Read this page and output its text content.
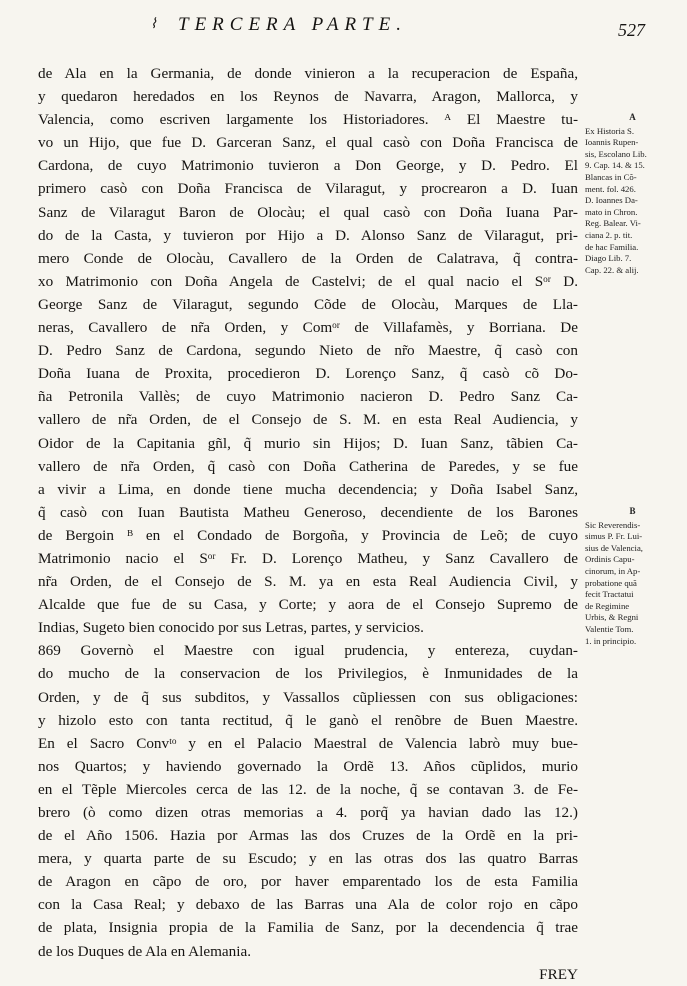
⌇ TERCERA PARTE.	527
de Ala en la Germania, de donde vinieron a la recuperacion de España,
y quedaron heredados en los Reynos de Navarra, Aragon, Mallorca, y
Valencia, como escriven largamente los Historiadores. ᴬ El Maestre tu-
vo un Hijo, que fue D. Garceran Sanz, el qual casò con Doña Francisca de
Cardona, de cuyo Matrimonio tuvieron a Don George, y D. Pedro. El
primero casò con Doña Francisca de Vilaragut, y procrearon a D. Iuan
Sanz de Vilaragut Baron de Olocàu; el qual casò con Doña Iuana Par-
do de la Casta, y tuvieron por Hijo a D. Alonso Sanz de Vilaragut, pri-
mero Conde de Olocàu, Cavallero de la Orden de Calatrava, q̃ contra-
xo Matrimonio con Doña Angela de Castelvi; de el qual nacio el Sᵒʳ D.
George Sanz de Vilaragut, segundo Cõde de Olocàu, Marques de Lla-
neras, Cavallero de nr̃a Orden, y Comᵒʳ de Villafamès, y Borriana. De
D. Pedro Sanz de Cardona, segundo Nieto de nr̃o Maestre, q̃ casò con
Doña Iuana de Proxita, procedieron D. Lorenço Sanz, q̃ casò cõ Do-
ña Petronila Vallès; de cuyo Matrimonio nacieron D. Pedro Sanz Ca-
vallero de nr̃a Orden, de el Consejo de S. M. en esta Real Audiencia, y
Oidor de la Capitania gñl, q̃ murio sin Hijos; D. Iuan Sanz, tãbien Ca-
vallero de nr̃a Orden, q̃ casò con Doña Catherina de Paredes, y se fue
a vivir a Lima, en donde tiene mucha decendencia; y Doña Isabel Sanz,
q̃ casò con Iuan Bautista Matheu Generoso, decendiente de los Barones
de Bergoin ᴮ en el Condado de Borgoña, y Provincia de Leõ; de cuyo
Matrimonio nacio el Sᵒʳ Fr. D. Lorenço Matheu, y Sanz Cavallero de
nr̃a Orden, de el Consejo de S. M. ya en esta Real Audiencia Civil, y
Alcalde que fue de su Casa, y Corte; y aora de el Consejo Supremo de
Indias, Sugeto bien conocido por sus Letras, partes, y servicios.
869 Governò el Maestre con igual prudencia, y entereza, cuydan-
do mucho de la conservacion de los Privilegios, è Inmunidades de la
Orden, y de q̃ sus subditos, y Vassallos cũpliessen con sus obligaciones:
y hizolo esto con tanta rectitud, q̃ le ganò el renõbre de Buen Maestre.
En el Sacro Convᵗᵒ y en el Palacio Maestral de Valencia labrò muy bue-
nos Quartos; y haviendo governado la Ordẽ 13. Años cũplidos, murio
en el Tẽple Miercoles cerca de las 12. de la noche, q̃ se contavan 3. de Fe-
brero (ò como dizen otras memorias a 4. porq̃ ya havian dado las 12.)
de el Año 1506. Hazia por Armas las dos Cruzes de la Ordẽ en la pri-
mera, y quarta parte de su Escudo; y en las otras dos las quatro Barras
de Aragon en cãpo de oro, por haver emparentado los de esta Familia
con la Casa Real; y debaxo de las Barras una Ala de color rojo en cãpo
de plata, Insignia propia de la Familia de Sanz, por la decendencia q̃ trae
de los Duques de Ala en Alemania.
FREY
A
Ex Historia S.
Ioannis Rupen-
sis, Escolano Lib.
9. Cap. 14. & 15.
Blancas in Cõ-
ment. fol. 426.
D. Ioannes Da-
mato in Chron.
Reg. Balear. Vi-
ciana 2. p. tit.
de hac Familia.
Diago Lib. 7.
Cap. 22. & alij.
B
Sic Reverendis-
simus P. Fr. Lui-
sius de Valencia,
Ordinis Capu-
cinorum, in Ap-
probatione quã
fecit Tractatui
de Regimine
Urbis, & Regni
Valentie Tom.
1. in principio.
